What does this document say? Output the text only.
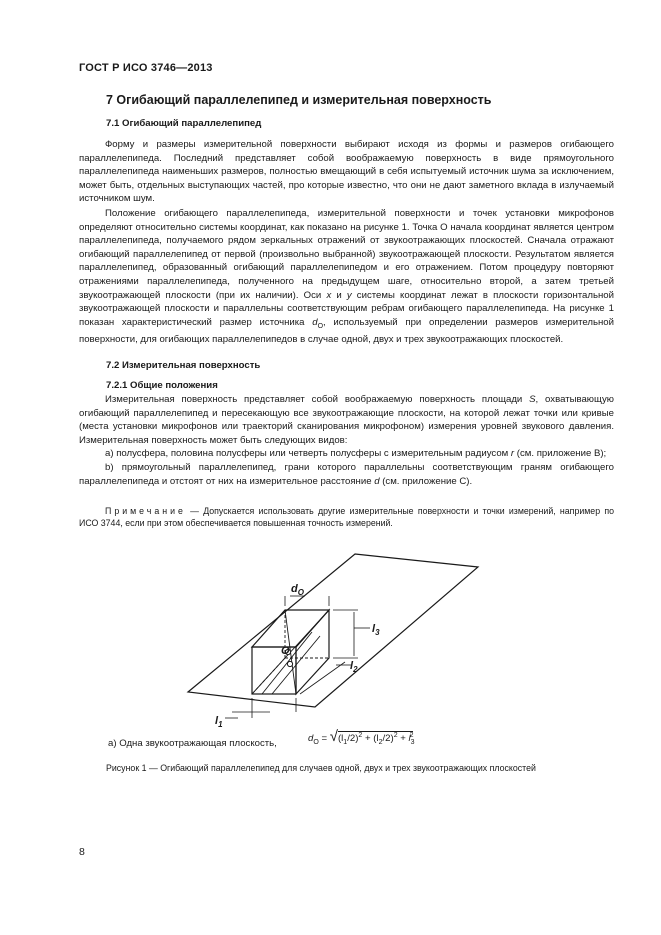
ГОСТ Р ИСО 3746—2013
7 Огибающий параллелепипед и измерительная поверхность
7.1 Огибающий параллелепипед

Форму и размеры измерительной поверхности выбирают исходя из формы и размеров огибающего параллелепипеда. Последний представляет собой воображаемую поверхность в виде прямоугольного параллелепипеда наименьших размеров, полностью вмещающий в себя испытуемый источник шума за исключением, может быть, отдельных выступающих частей, про которые известно, что они не дают заметного вклада в излучаемый источником шум.

Положение огибающего параллелепипеда, измерительной поверхности и точек установки микрофонов определяют относительно системы координат, как показано на рисунке 1. Точка O начала координат является центром параллелепипеда, получаемого рядом зеркальных отражений от звукоотражающих плоскостей. Сначала отражают огибающий параллелепипед от первой (произвольно выбранной) звукоотражающей плоскости. Результатом является параллелепипед, образованный огибающий параллелепипедом и его отражением. Потом процедуру повторяют отражениями параллелепипеда, полученного на предыдущем шаге, относительно второй, а затем третьей звукоотражающей плоскости (при их наличии). Оси x и y системы координат лежат в плоскости горизонтальной звукоотражающей плоскости и параллельны соответствующим ребрам огибающего параллелепипеда. На рисунке 1 показан характеристический размер источника $d_O$, используемый при определении размеров измерительной поверхности, для огибающих параллелепипедов в случае одной, двух и трех звукоотражающих плоскостей.

7.2 Измерительная поверхность
7.2.1 Общие положения

Измерительная поверхность представляет собой воображаемую поверхность площади S, охватывающую огибающий параллелепипед и пересекающую все звукоотражающие плоскости, на которой лежат точки или кривые (места установки микрофонов или траекторий сканирования микрофоном) измерения уровней звукового давления. Измерительная поверхность может быть следующих видов:

a) полусфера, половина полусферы или четверть полусферы с измерительным радиусом r (см. приложение B);

b) прямоугольный параллелепипед, грани которого параллельны соответствующим граням огибающего параллелепипеда и отстоят от них на измерительное расстояние d (см. приложение C).

Примечание — Допускается использовать другие измерительные поверхности и точки измерений, например по ИСО 3744, если при этом обеспечивается повышенная точность измерений.
$d_O$
$l_3$
$l_2$
$l_1$
O
а) Одна звукоотражающая плоскость,	$d_O = √(l_1/2)^2 + (l_2/2)^2 + l_3^2$
Рисунок 1 — Огибающий параллелепипед для случаев одной, двух и трех звукоотражающих плоскостей
8
